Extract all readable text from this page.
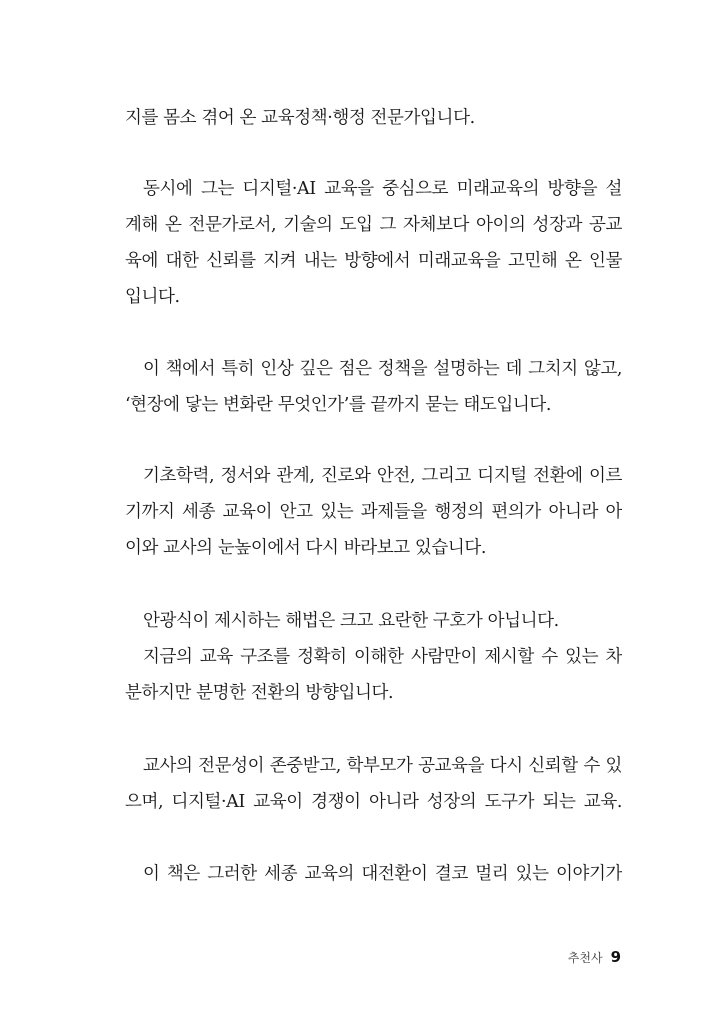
지를 몸소 겪어 온 교육정책·행정 전문가입니다.
동시에 그는 디지털·AI 교육을 중심으로 미래교육의 방향을 설
계해 온 전문가로서, 기술의 도입 그 자체보다 아이의 성장과 공교
육에 대한 신뢰를 지켜 내는 방향에서 미래교육을 고민해 온 인물
입니다.
이 책에서 특히 인상 깊은 점은 정책을 설명하는 데 그치지 않고,
‘현장에 닿는 변화란 무엇인가’를 끝까지 묻는 태도입니다.
기초학력, 정서와 관계, 진로와 안전, 그리고 디지털 전환에 이르
기까지 세종 교육이 안고 있는 과제들을 행정의 편의가 아니라 아
이와 교사의 눈높이에서 다시 바라보고 있습니다.
안광식이 제시하는 해법은 크고 요란한 구호가 아닙니다.
지금의 교육 구조를 정확히 이해한 사람만이 제시할 수 있는 차
분하지만 분명한 전환의 방향입니다.
교사의 전문성이 존중받고, 학부모가 공교육을 다시 신뢰할 수 있
으며, 디지털·AI 교육이 경쟁이 아니라 성장의 도구가 되는 교육.
이 책은 그러한 세종 교육의 대전환이 결코 멀리 있는 이야기가
추천사 9
